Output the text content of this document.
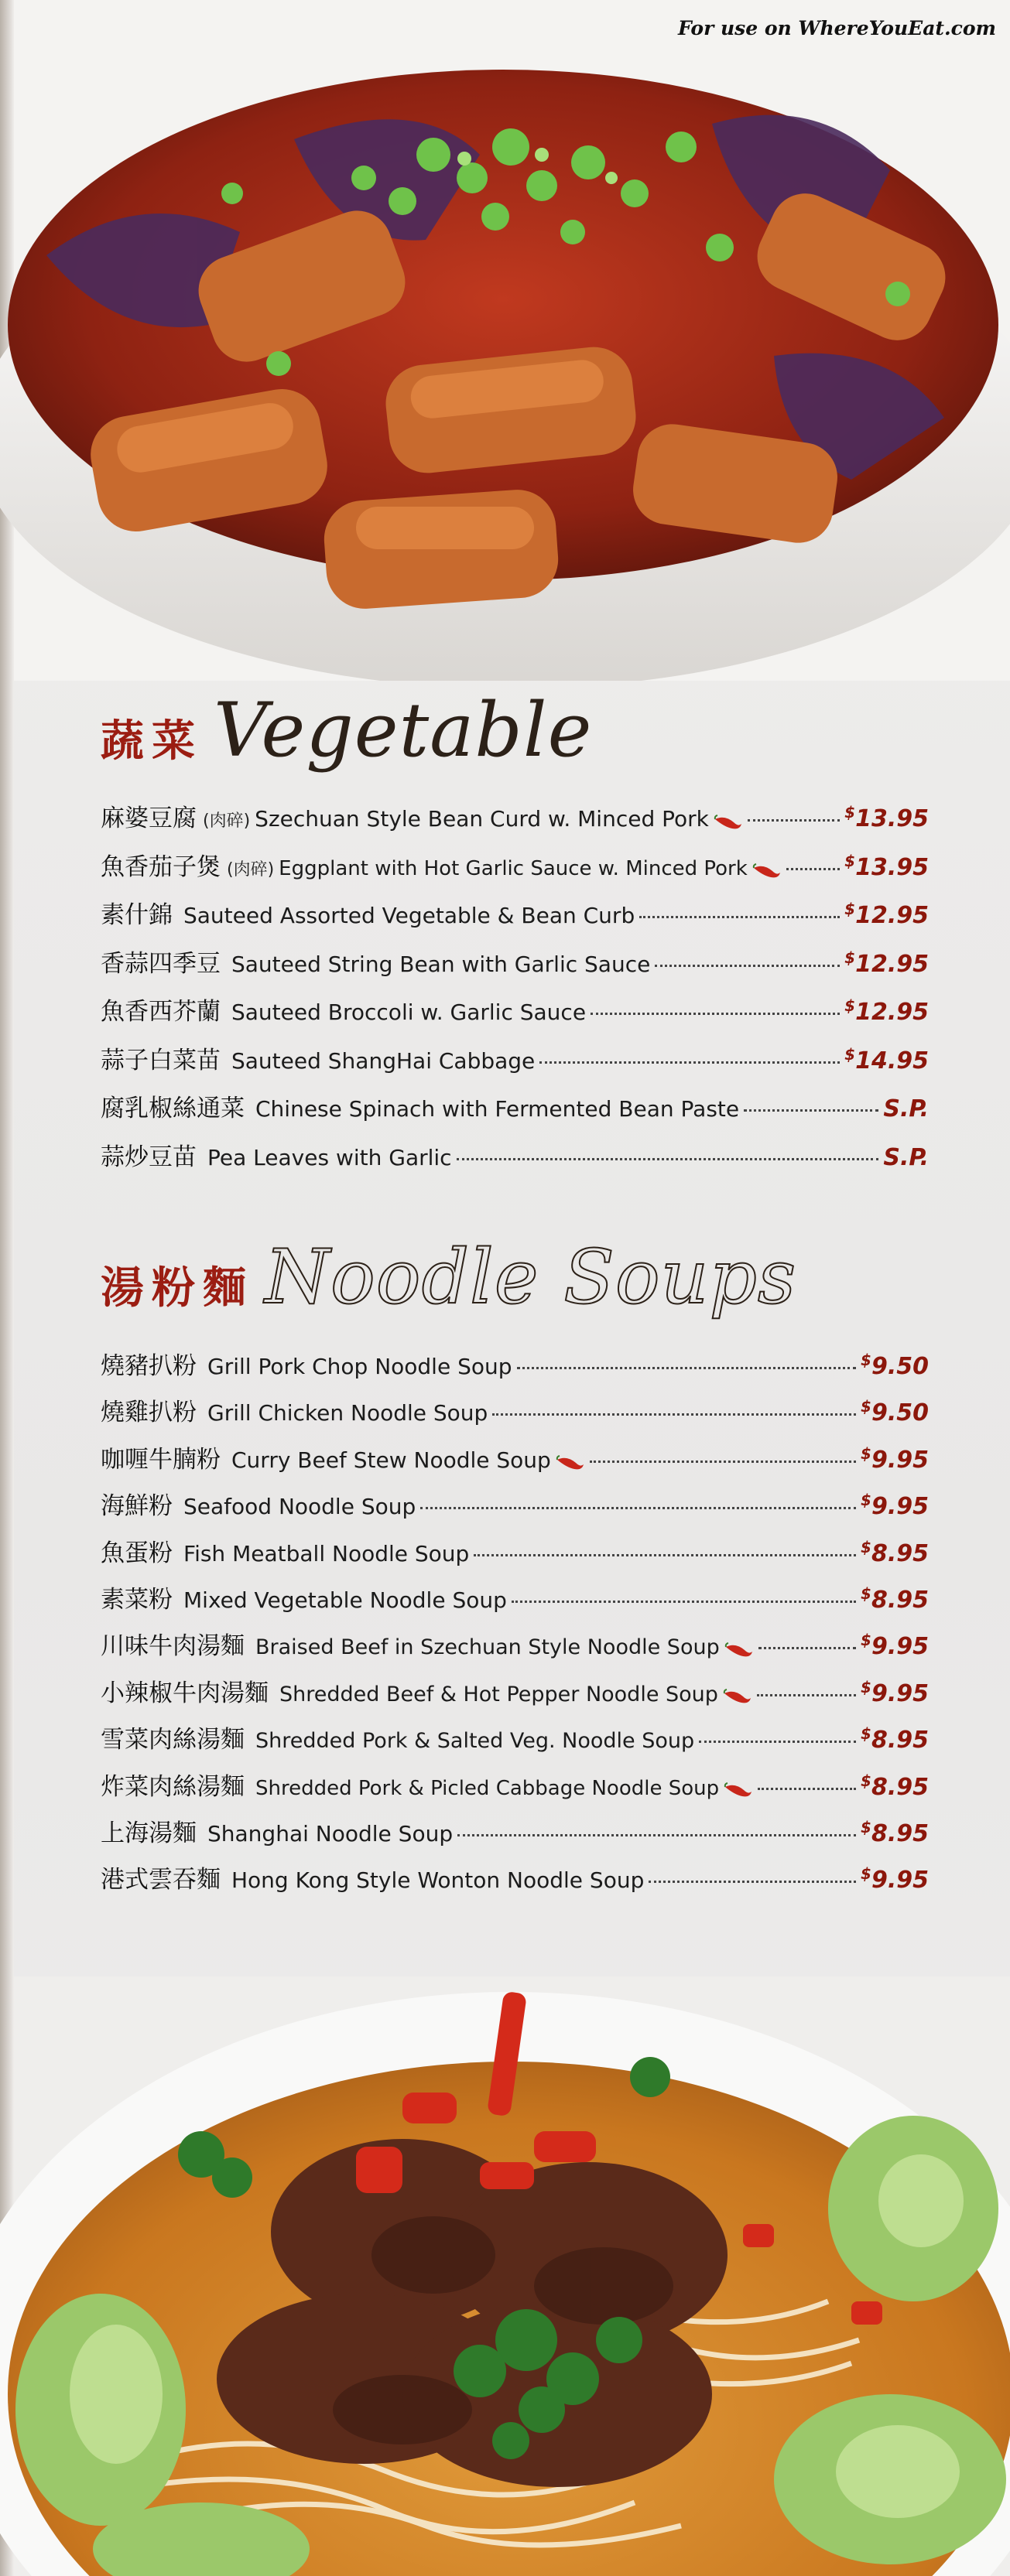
For use on WhereYouEat.com
蔬菜 Vegetable
麻婆豆腐 (肉碎) Szechuan Style Bean Curd w. Minced Pork	$13.95
魚香茄子煲 (肉碎) Eggplant with Hot Garlic Sauce w. Minced Pork	$13.95
素什錦 Sauteed Assorted Vegetable & Bean Curb	$12.95
香蒜四季豆 Sauteed String Bean with Garlic Sauce	$12.95
魚香西芥蘭 Sauteed Broccoli w. Garlic Sauce	$12.95
蒜子白菜苗 Sauteed ShangHai Cabbage	$14.95
腐乳椒絲通菜 Chinese Spinach with Fermented Bean Paste	S.P.
蒜炒豆苗 Pea Leaves with Garlic	S.P.
湯粉麵 Noodle Soups
燒豬扒粉 Grill Pork Chop Noodle Soup	$9.50
燒雞扒粉 Grill Chicken Noodle Soup	$9.50
咖喱牛腩粉 Curry Beef Stew Noodle Soup	$9.95
海鮮粉 Seafood Noodle Soup	$9.95
魚蛋粉 Fish Meatball Noodle Soup	$8.95
素菜粉 Mixed Vegetable Noodle Soup	$8.95
川味牛肉湯麵 Braised Beef in Szechuan Style Noodle Soup	$9.95
小辣椒牛肉湯麵 Shredded Beef & Hot Pepper Noodle Soup	$9.95
雪菜肉絲湯麵 Shredded Pork & Salted Veg. Noodle Soup	$8.95
炸菜肉絲湯麵 Shredded Pork & Picled Cabbage Noodle Soup	$8.95
上海湯麵 Shanghai Noodle Soup	$8.95
港式雲吞麵 Hong Kong Style Wonton Noodle Soup	$9.95
